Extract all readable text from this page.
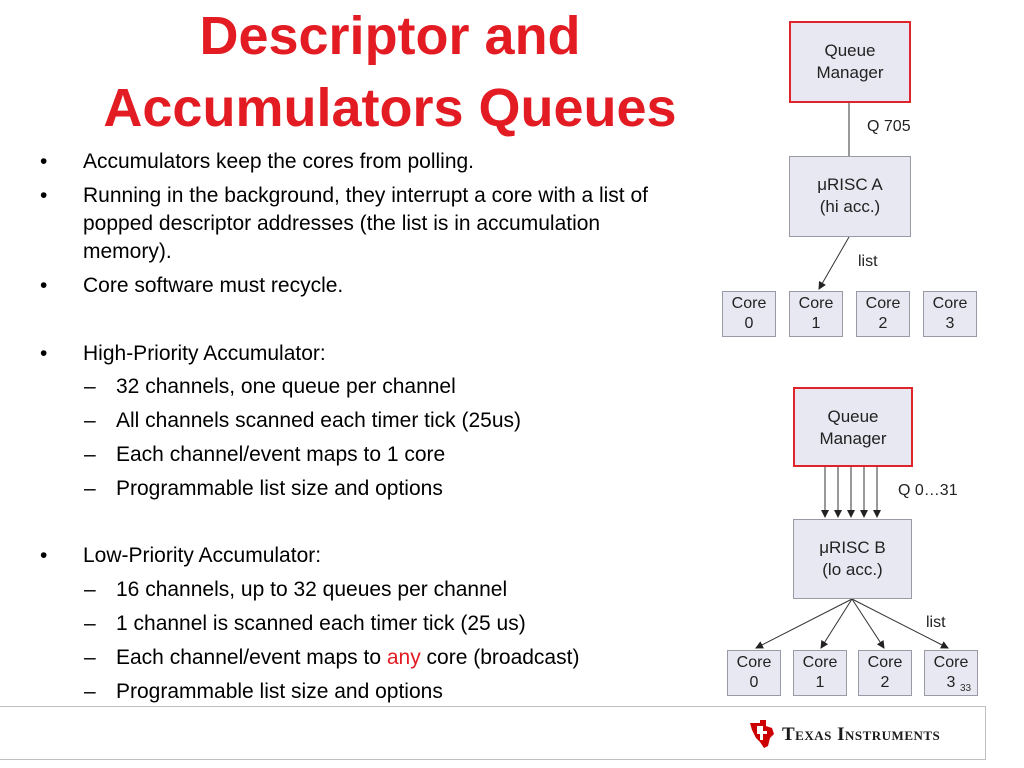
Descriptor and
Accumulators Queues
•	Accumulators keep the cores from polling.
•	Running in the background, they interrupt a core with a list of popped descriptor addresses (the list is in accumulation memory).
•	Core software must recycle.
•	High-Priority Accumulator:
– 32 channels, one queue per channel
– All channels scanned each timer tick (25us)
– Each channel/event maps to 1 core
– Programmable list size and options
•	Low-Priority Accumulator:
– 16 channels, up to 32 queues per channel
– 1 channel is scanned each timer tick (25 us)
– Each channel/event maps to any core (broadcast)
– Programmable list size and options
Queue
Manager
Q 705
μRISC A
(hi acc.)
list
Core
0
Core
1
Core
2
Core
3
Queue
Manager
Q 0…31
μRISC B
(lo acc.)
list
Core
0
Core
1
Core
2
Core
3 33
Texas Instruments
